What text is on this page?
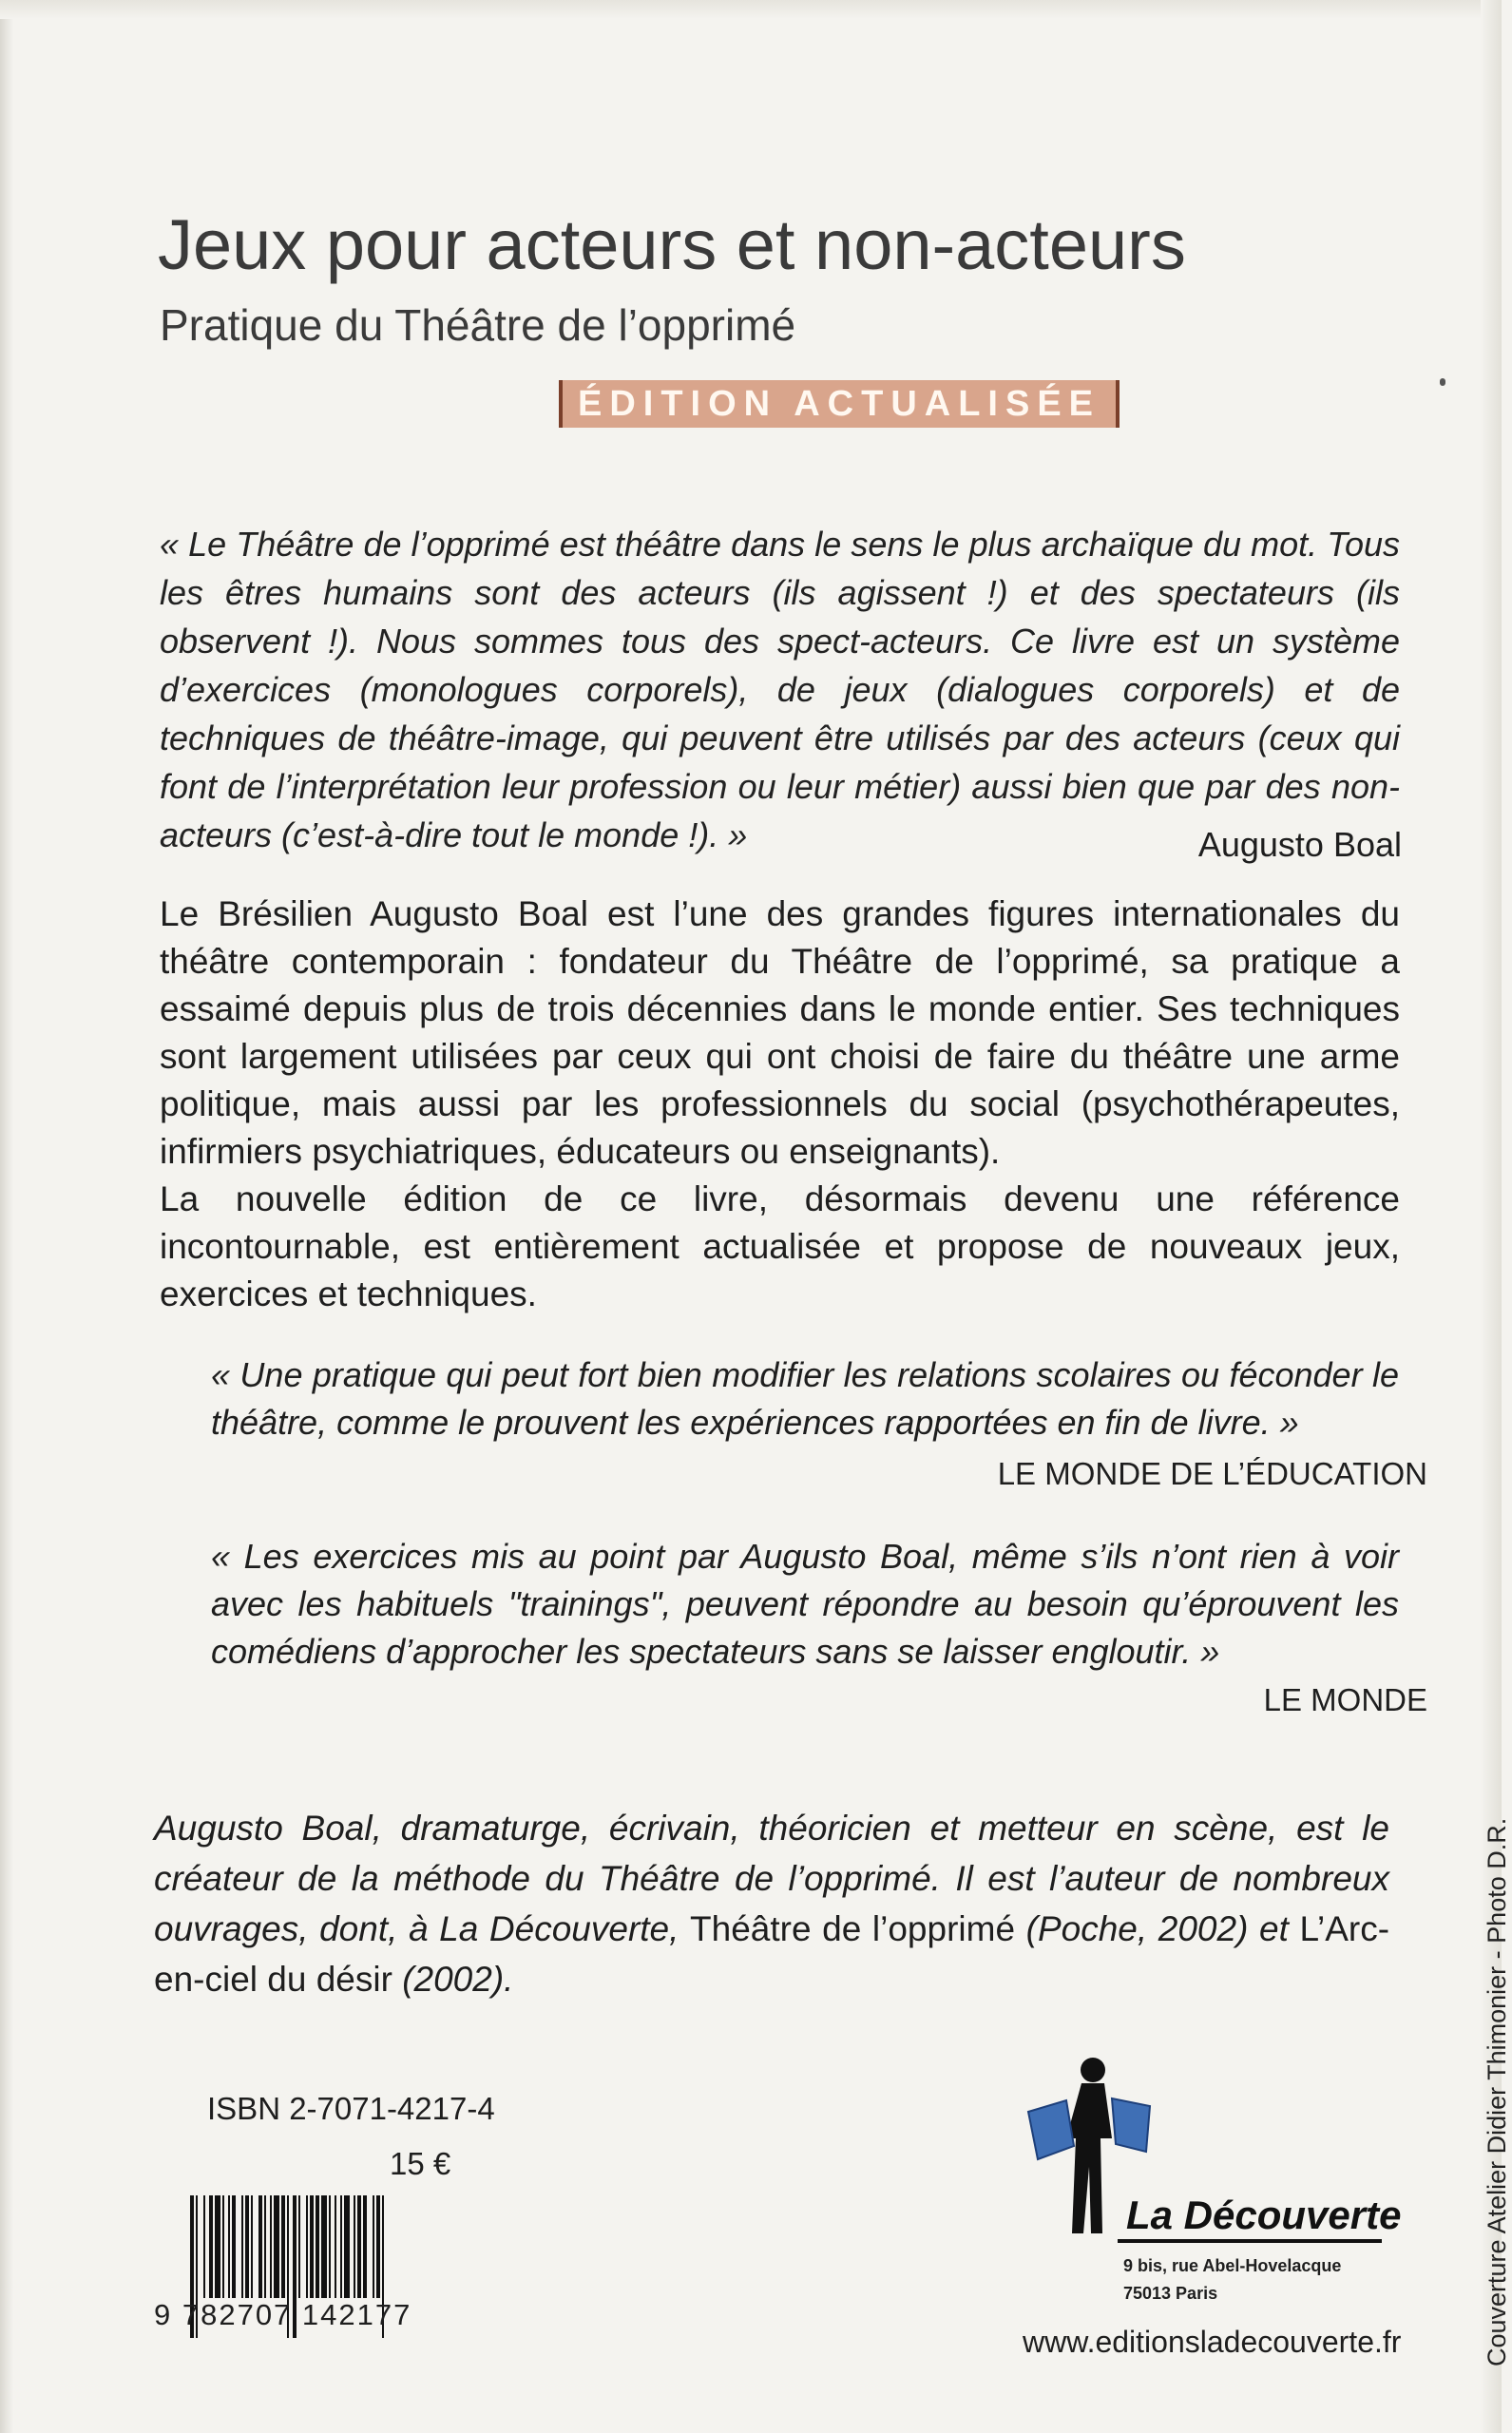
Jeux pour acteurs et non-acteurs
Pratique du Théâtre de l’opprimé
ÉDITION ACTUALISÉE
« Le Théâtre de l’opprimé est théâtre dans le sens le plus archaïque du mot. Tous les êtres humains sont des acteurs (ils agissent !) et des spectateurs (ils observent !). Nous sommes tous des spect-acteurs. Ce livre est un système d’exercices (monologues corporels), de jeux (dialogues corporels) et de techniques de théâtre-image, qui peuvent être utilisés par des acteurs (ceux qui font de l’interprétation leur profession ou leur métier) aussi bien que par des non-acteurs (c’est-à-dire tout le monde !). »	Augusto Boal

Le Brésilien Augusto Boal est l’une des grandes figures internationales du théâtre contemporain : fondateur du Théâtre de l’opprimé, sa pratique a essaimé depuis plus de trois décennies dans le monde entier. Ses techniques sont largement utilisées par ceux qui ont choisi de faire du théâtre une arme politique, mais aussi par les professionnels du social (psychothérapeutes, infirmiers psychiatriques, éducateurs ou enseignants).

La nouvelle édition de ce livre, désormais devenu une référence incontournable, est entièrement actualisée et propose de nouveaux jeux, exercices et techniques.

« Une pratique qui peut fort bien modifier les relations scolaires ou féconder le théâtre, comme le prouvent les expériences rapportées en fin de livre. »
LE MONDE DE L’ÉDUCATION
« Les exercices mis au point par Augusto Boal, même s’ils n’ont rien à voir avec les habituels "trainings", peuvent répondre au besoin qu’éprouvent les comédiens d’approcher les spectateurs sans se laisser engloutir. »
LE MONDE
Augusto Boal, dramaturge, écrivain, théoricien et metteur en scène, est le créateur de la méthode du Théâtre de l’opprimé. Il est l’auteur de nombreux ouvrages, dont, à La Découverte, Théâtre de l’opprimé (Poche, 2002) et L’Arc-en-ciel du désir (2002).
ISBN 2-7071-4217-4
15 €
9 782707 142177
La Découverte
9 bis, rue Abel-Hovelacque
75013 Paris
www.editionsladecouverte.fr	Couverture Atelier Didier Thimonier - Photo D.R.
